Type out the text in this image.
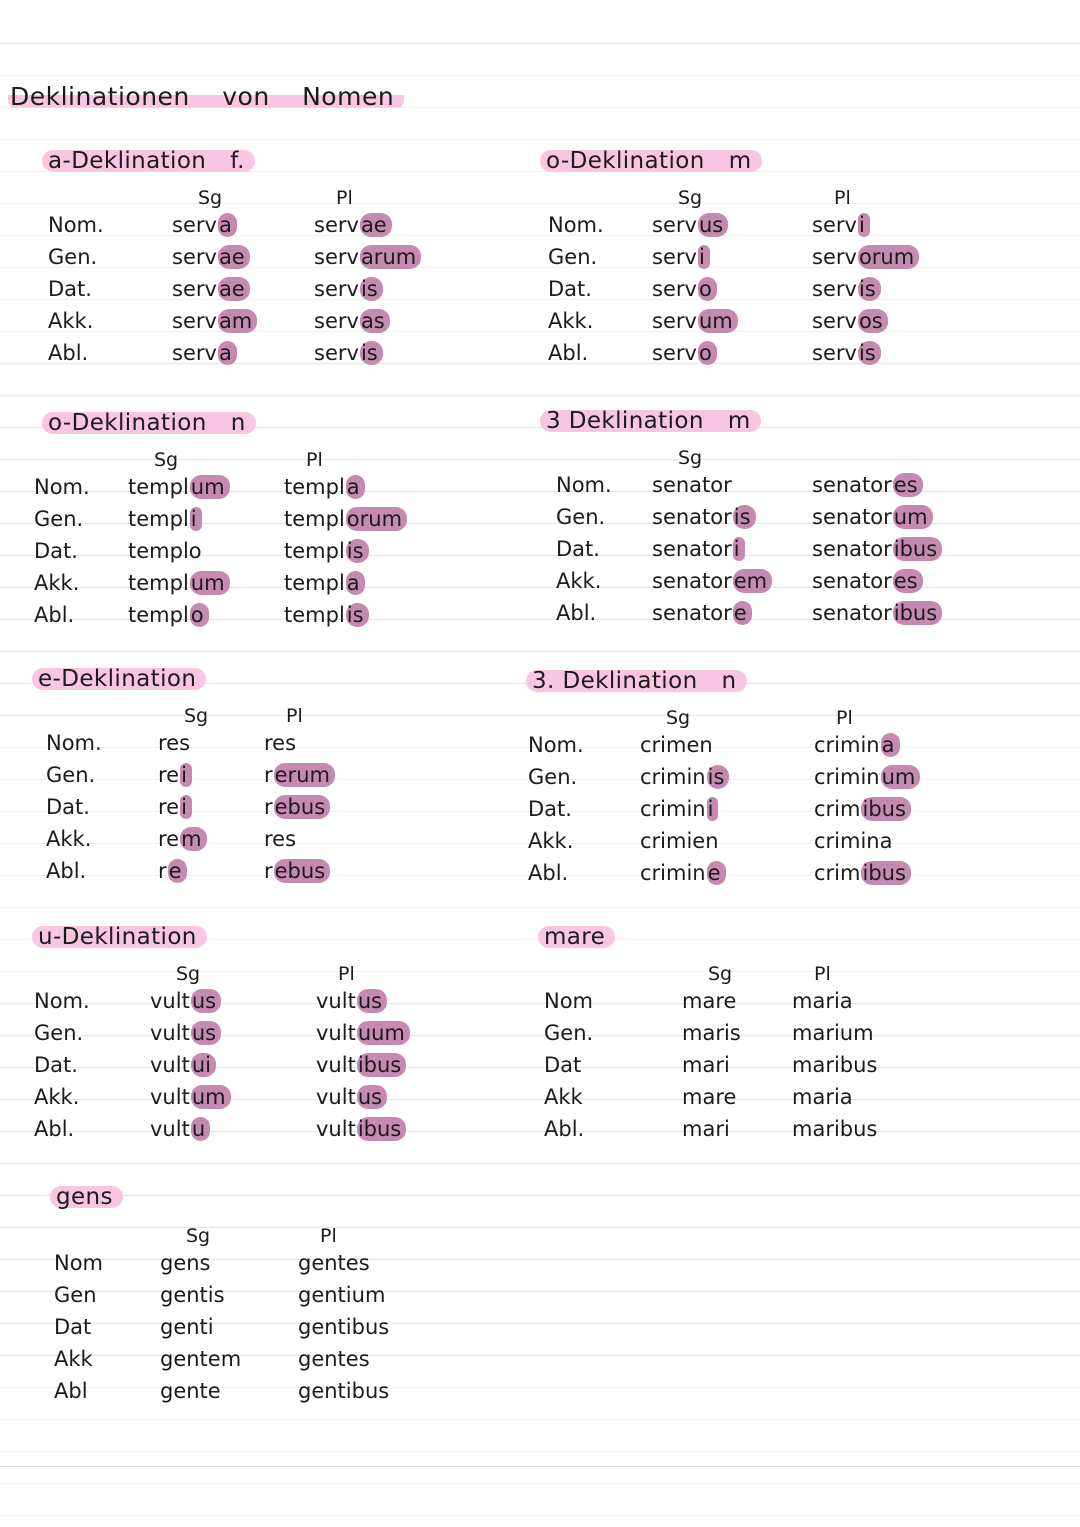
Deklinationen von Nomen
a-Deklination f.
Sg	Pl
Nom.	serva	servae
Gen.	servae	servarum
Dat.	servae	servis
Akk.	servam	servas
Abl.	serva	servis
o-Deklination m
Sg	Pl
Nom. servus	servi
Gen.	servi	servorum
Dat.	servo	servis
Akk.	servum	servos
Abl.	servo	servis
o-Deklination n
Sg	Pl
Nom. templum	templa
Gen. templi	templorum
Dat. templo	templis
Akk. templum	templa
Abl.	templo	templis
3 Deklination m
Sg
Nom. senator	senatores
Gen. senatoris	senatorum
Dat. senatori	senatoribus
Akk. senatorem senatores
Abl.	senatore	senatoribus
e-Deklination
Sg	Pl
Nom.	res	res
Gen.	rei	rerum
Dat.	rei	rebus
Akk.	rem	res
Abl.	re	rebus
3. Deklination n
Sg	Pl
Nom.	crimen	crimina
Gen.	criminis	criminum
Dat.	crimini	crimibus
Akk.	crimien	crimina
Abl.	crimine	crimibus
u-Deklination
Sg	Pl
Nom.	vultus	vultus
Gen.	vultus	vultuum
Dat.	vultui	vultibus
Akk.	vultum	vultus
Abl.	vultu	vultibus
mare
Sg	Pl
Nom	mare	maria
Gen.	maris marium
Dat	mari	maribus
Akk	mare	maria
Abl.	mari	maribus
gens
Sg	Pl
Nom	gens	gentes
Gen	gentis	gentium
Dat	genti	gentibus
Akk	gentem	gentes
Abl	gente	gentibus
